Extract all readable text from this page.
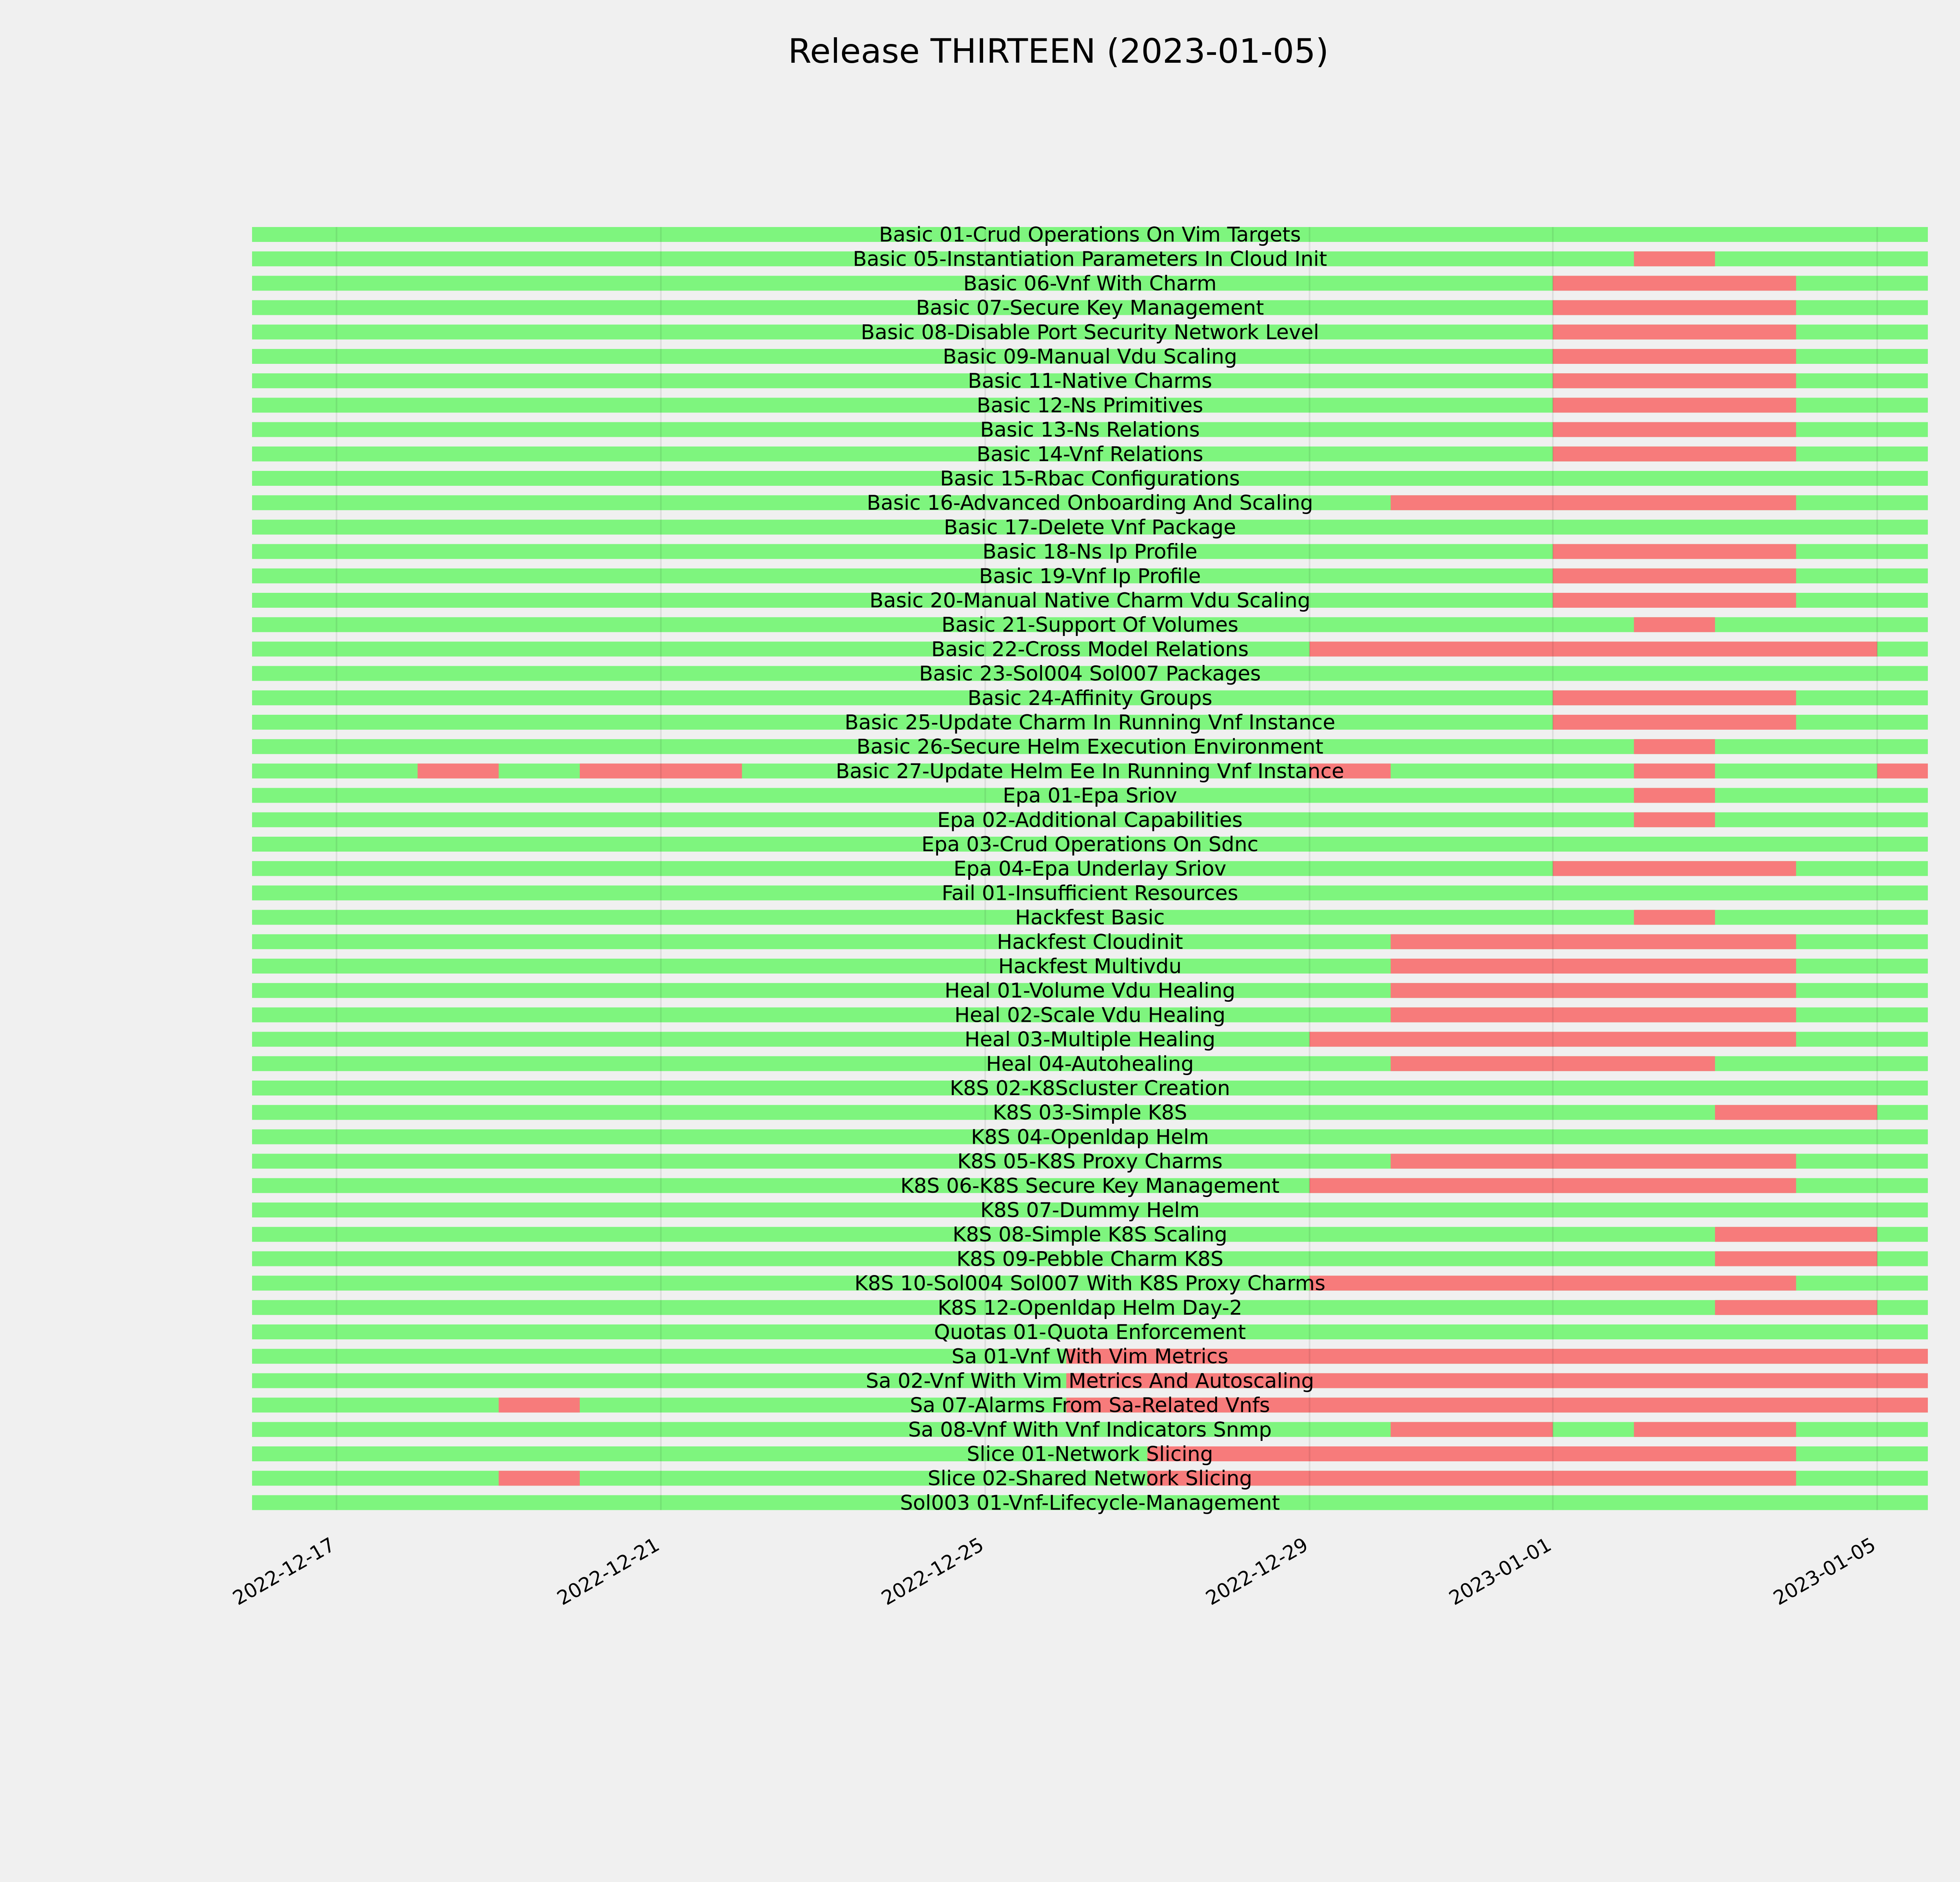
Release THIRTEEN (2023-01-05)
Basic 01-Crud Operations On Vim Targets
Basic 05-Instantiation Parameters In Cloud Init
Basic 06-Vnf With Charm
Basic 07-Secure Key Management
Basic 08-Disable Port Security Network Level
Basic 09-Manual Vdu Scaling
Basic 11-Native Charms
Basic 12-Ns Primitives
Basic 13-Ns Relations
Basic 14-Vnf Relations
Basic 15-Rbac Configurations
Basic 16-Advanced Onboarding And Scaling
Basic 17-Delete Vnf Package
Basic 18-Ns Ip Profile
Basic 19-Vnf Ip Profile
Basic 20-Manual Native Charm Vdu Scaling
Basic 21-Support Of Volumes
Basic 22-Cross Model Relations
Basic 23-Sol004 Sol007 Packages
Basic 24-Affinity Groups
Basic 25-Update Charm In Running Vnf Instance
Basic 26-Secure Helm Execution Environment
Basic 27-Update Helm Ee In Running Vnf Instance
Epa 01-Epa Sriov
Epa 02-Additional Capabilities
Epa 03-Crud Operations On Sdnc
Epa 04-Epa Underlay Sriov
Fail 01-Insufficient Resources
Hackfest Basic
Hackfest Cloudinit
Hackfest Multivdu
Heal 01-Volume Vdu Healing
Heal 02-Scale Vdu Healing
Heal 03-Multiple Healing
Heal 04-Autohealing
K8S 02-K8Scluster Creation
K8S 03-Simple K8S
K8S 04-Openldap Helm
K8S 05-K8S Proxy Charms
K8S 06-K8S Secure Key Management
K8S 07-Dummy Helm
K8S 08-Simple K8S Scaling
K8S 09-Pebble Charm K8S
K8S 10-Sol004 Sol007 With K8S Proxy Charms
K8S 12-Openldap Helm Day-2
Quotas 01-Quota Enforcement
Sa 01-Vnf With Vim Metrics
Sa 02-Vnf With Vim Metrics And Autoscaling
Sa 07-Alarms From Sa-Related Vnfs
Sa 08-Vnf With Vnf Indicators Snmp
Slice 01-Network Slicing
Slice 02-Shared Network Slicing
Sol003 01-Vnf-Lifecycle-Management
2022-12-17	2022-12-21	2022-12-25	2022-12-29	2023-01-01	2023-01-05
